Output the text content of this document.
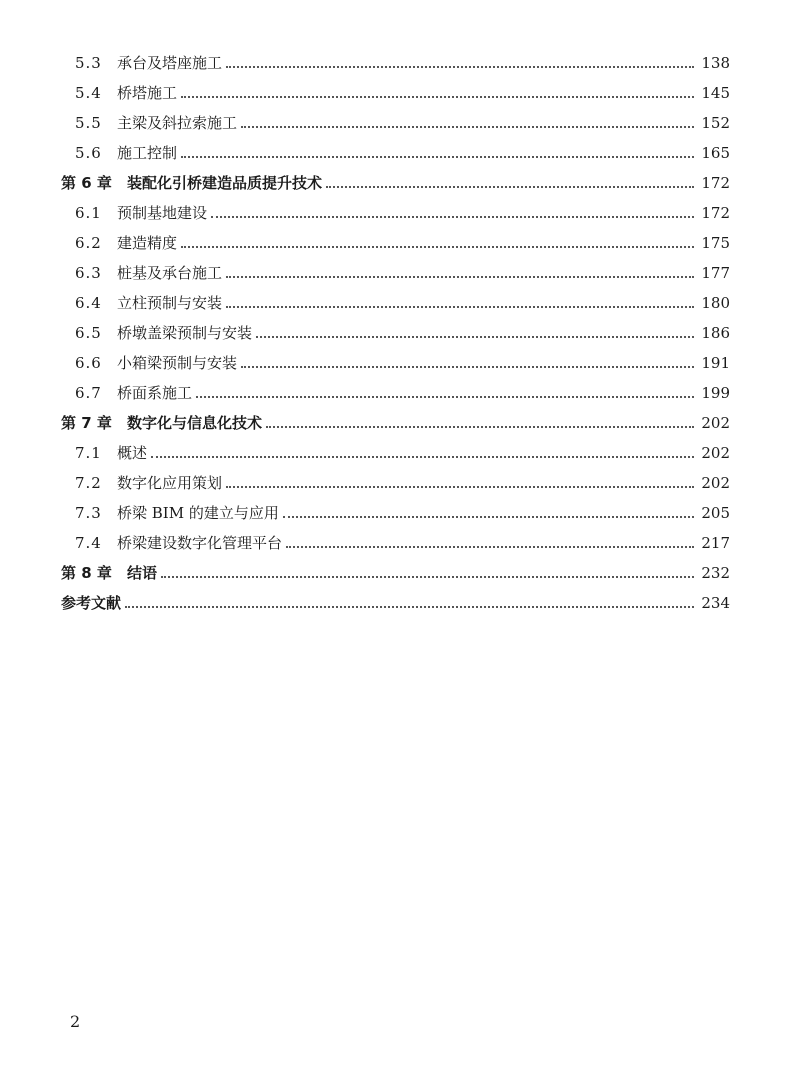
5.3	承台及塔座施工	138
5.4	桥塔施工	145
5.5	主梁及斜拉索施工	152
5.6	施工控制	165
第 6 章 装配化引桥建造品质提升技术	172
6.1	预制基地建设	172
6.2	建造精度	175
6.3	桩基及承台施工	177
6.4	立柱预制与安装	180
6.5	桥墩盖梁预制与安装	186
6.6	小箱梁预制与安装	191
6.7	桥面系施工	199
第 7 章 数字化与信息化技术	202
7.1	概述	202
7.2	数字化应用策划	202
7.3	桥梁 BIM 的建立与应用	205
7.4	桥梁建设数字化管理平台	217
第 8 章 结语	232
参考文献	234
2
